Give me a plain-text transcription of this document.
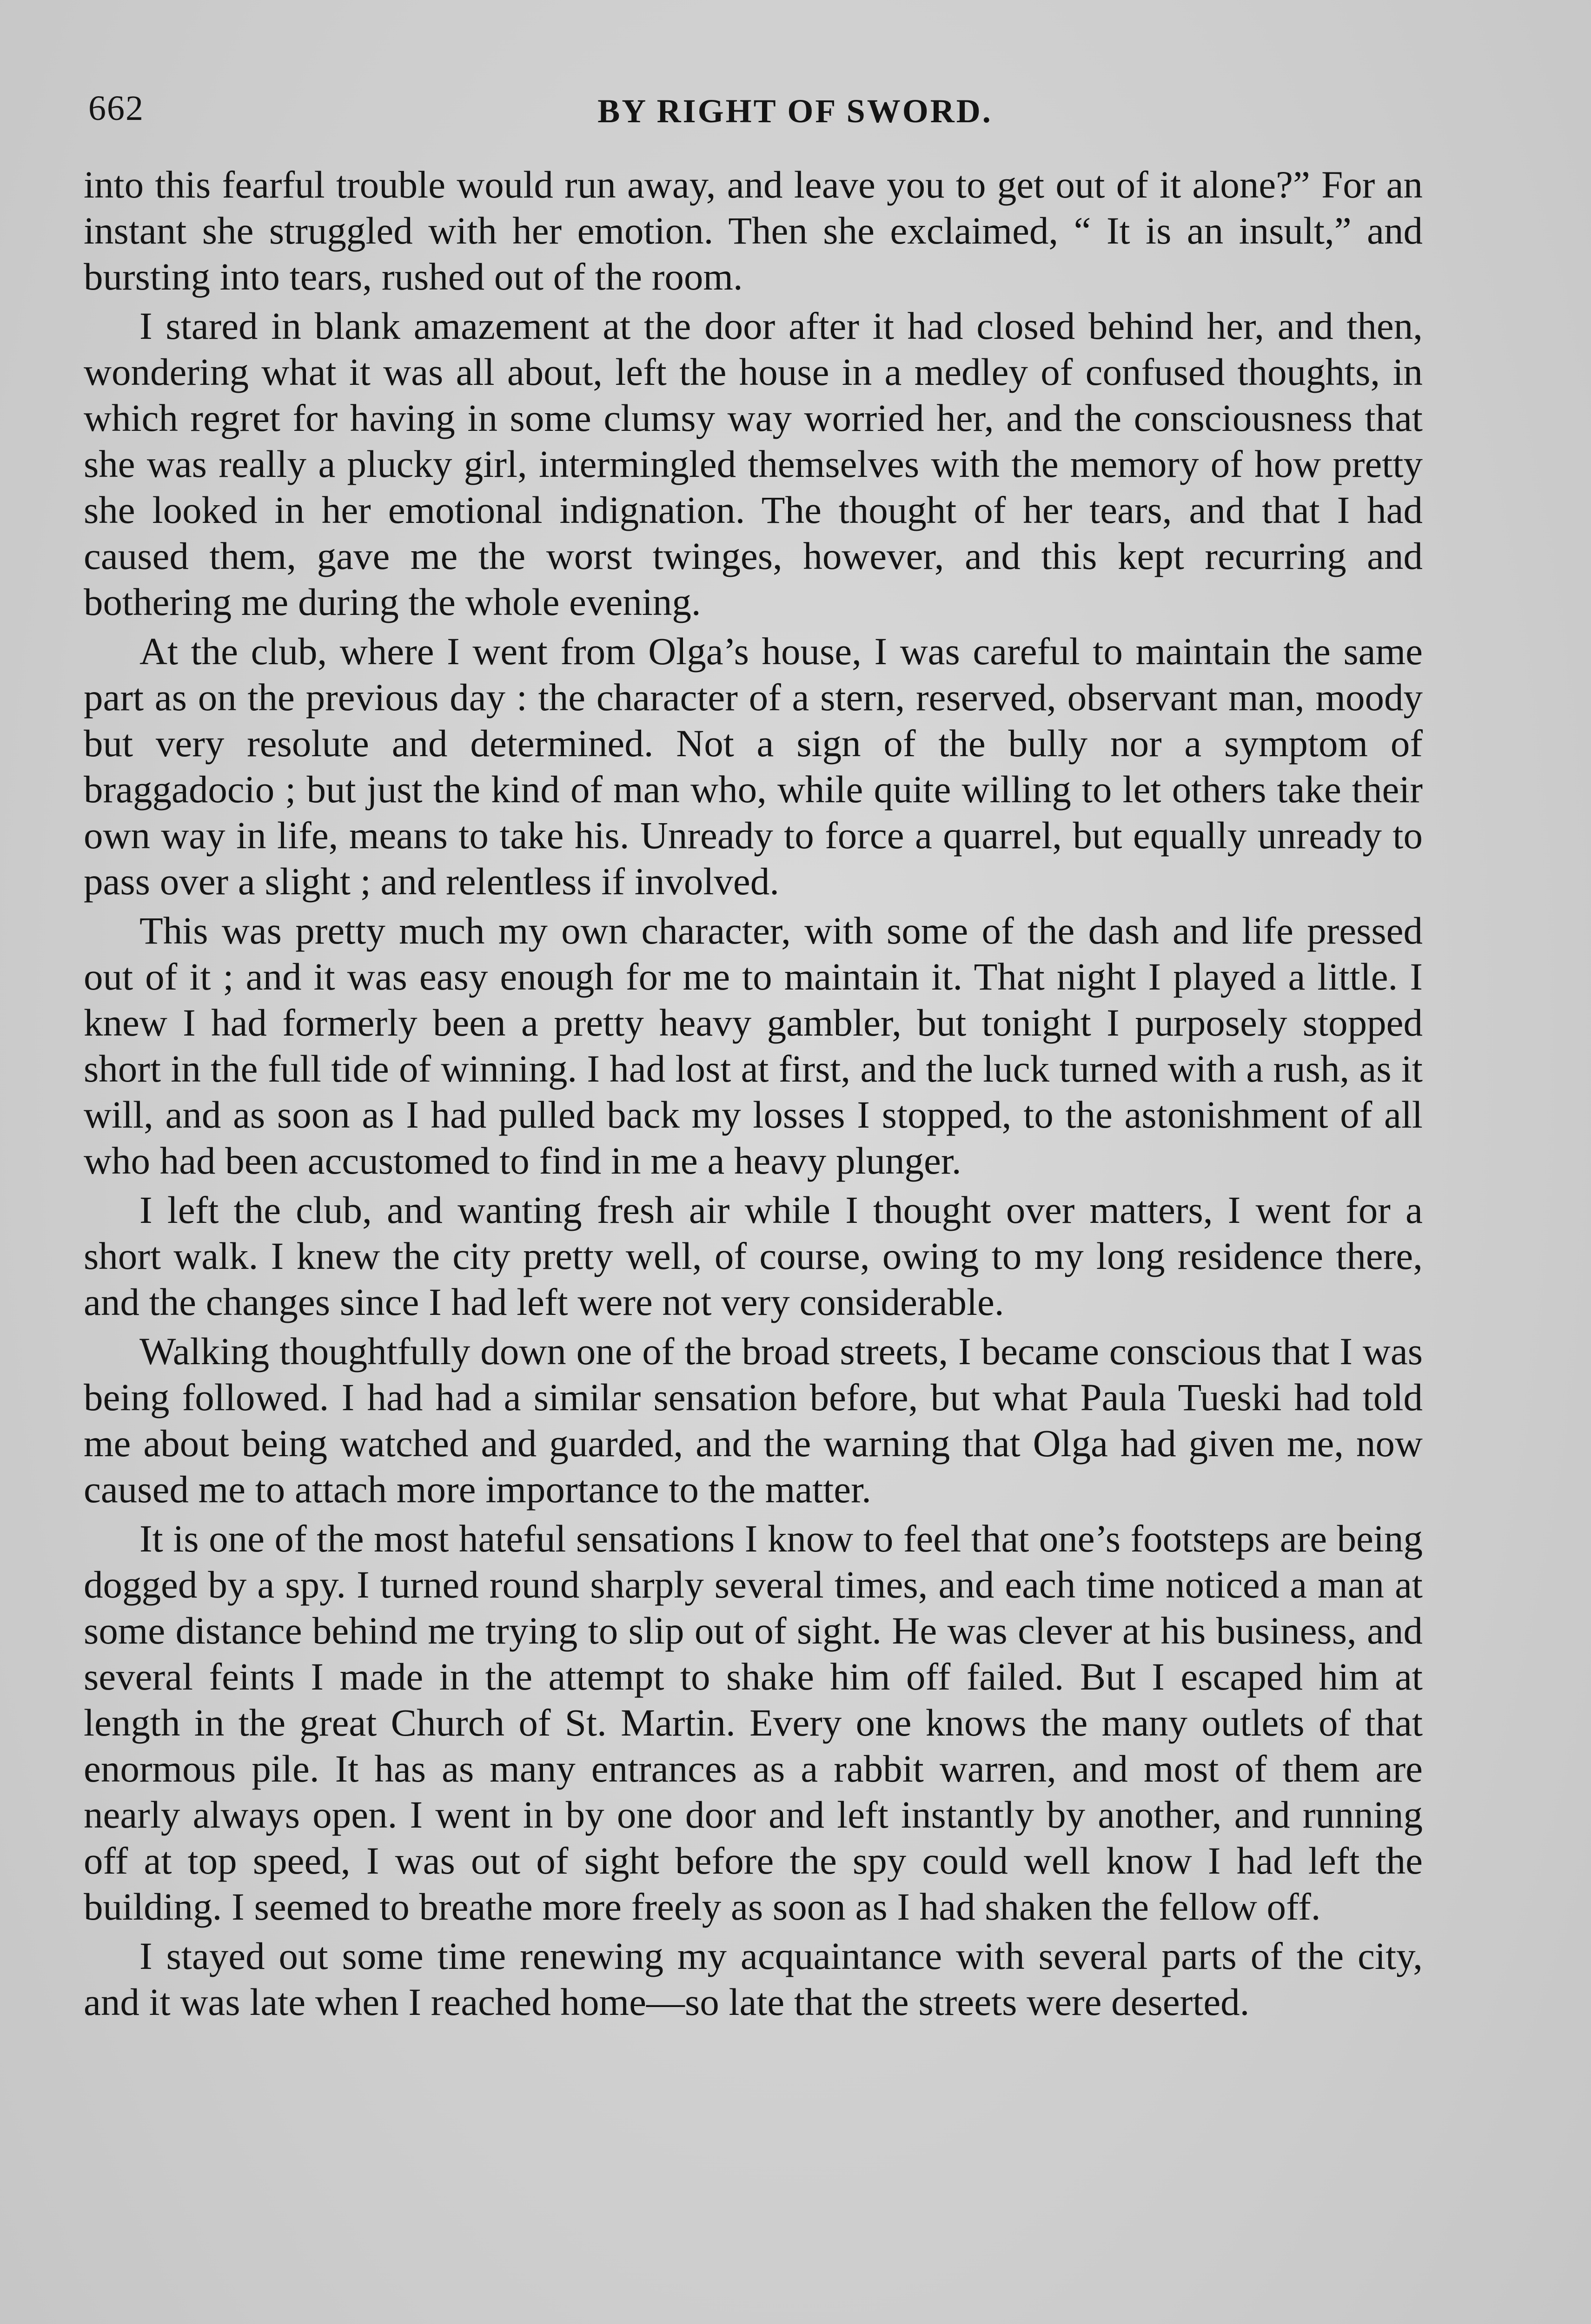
662	BY RIGHT OF SWORD.

into this fearful trouble would run away, and leave you to get out of it alone?” For an instant she struggled with her emotion. Then she exclaimed, “ It is an insult,” and bursting into tears, rushed out of the room.

I stared in blank amazement at the door after it had closed behind her, and then, wondering what it was all about, left the house in a medley of confused thoughts, in which regret for having in some clumsy way worried her, and the consciousness that she was really a plucky girl, intermingled themselves with the memory of how pretty she looked in her emotional indignation. The thought of her tears, and that I had caused them, gave me the worst twinges, however, and this kept recurring and bothering me during the whole evening.

At the club, where I went from Olga’s house, I was careful to maintain the same part as on the previous day : the character of a stern, reserved, observant man, moody but very resolute and determined. Not a sign of the bully nor a symptom of braggadocio ; but just the kind of man who, while quite willing to let others take their own way in life, means to take his. Unready to force a quarrel, but equally unready to pass over a slight ; and relentless if involved.

This was pretty much my own character, with some of the dash and life pressed out of it ; and it was easy enough for me to maintain it. That night I played a little. I knew I had formerly been a pretty heavy gambler, but tonight I purposely stopped short in the full tide of winning. I had lost at first, and the luck turned with a rush, as it will, and as soon as I had pulled back my losses I stopped, to the astonishment of all who had been accustomed to find in me a heavy plunger.

I left the club, and wanting fresh air while I thought over matters, I went for a short walk. I knew the city pretty well, of course, owing to my long residence there, and the changes since I had left were not very considerable.

Walking thoughtfully down one of the broad streets, I became conscious that I was being followed. I had had a similar sensation before, but what Paula Tueski had told me about being watched and guarded, and the warning that Olga had given me, now caused me to attach more importance to the matter.

It is one of the most hateful sensations I know to feel that one’s footsteps are being dogged by a spy. I turned round sharply several times, and each time noticed a man at some distance behind me trying to slip out of sight. He was clever at his business, and several feints I made in the attempt to shake him off failed. But I escaped him at length in the great Church of St. Martin. Every one knows the many outlets of that enormous pile. It has as many entrances as a rabbit warren, and most of them are nearly always open. I went in by one door and left instantly by another, and running off at top speed, I was out of sight before the spy could well know I had left the building. I seemed to breathe more freely as soon as I had shaken the fellow off.

I stayed out some time renewing my acquaintance with several parts of the city, and it was late when I reached home—so late that the streets were deserted.
